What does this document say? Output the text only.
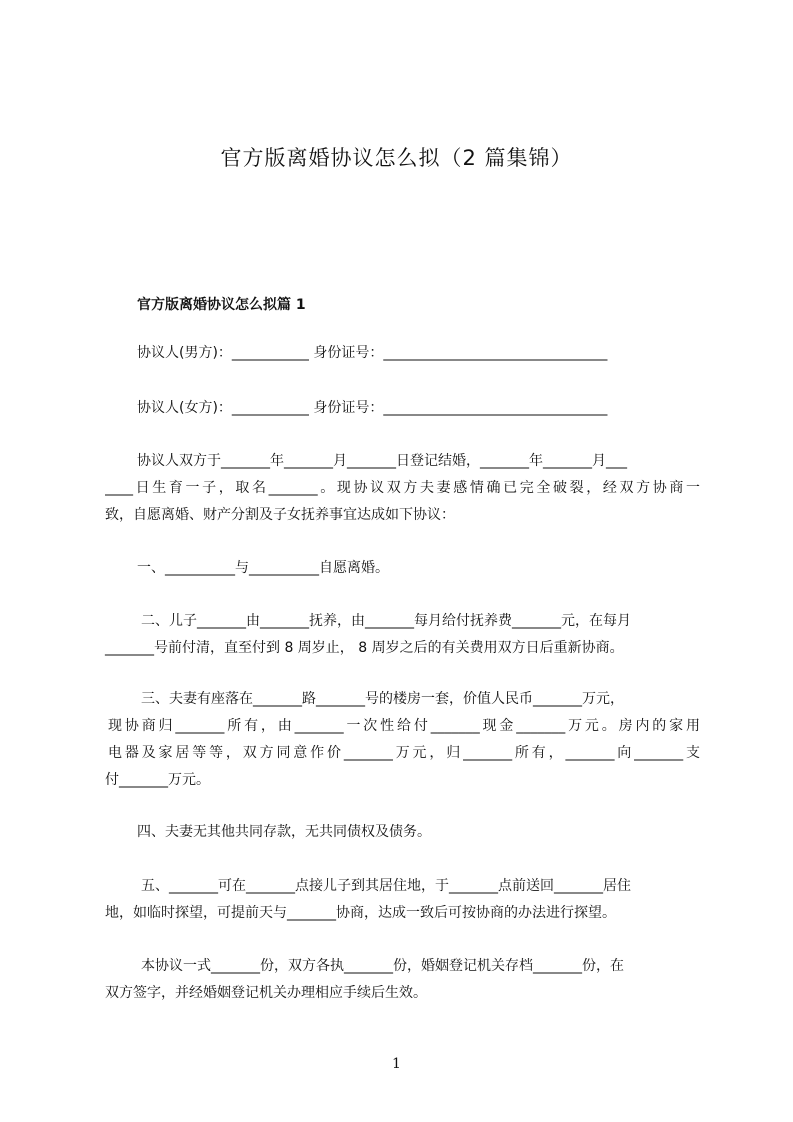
官方版离婚协议怎么拟（2 篇集锦）
官方版离婚协议怎么拟篇 1
协议人(男方)：___________ 身份证号：________________________________
协议人(女方)：___________ 身份证号：________________________________
协议人双方于_______年_______月_______日登记结婚，_______年_______月___
____日生育一子，取名_______。现协议双方夫妻感情确已完全破裂，经双方协商一
致，自愿离婚、财产分割及子女抚养事宜达成如下协议：
一、__________与__________自愿离婚。
二、儿子_______由_______抚养，由_______每月给付抚养费_______元，在每月
_______号前付清，直至付到 8 周岁止， 8 周岁之后的有关费用双方日后重新协商。
三、夫妻有座落在_______路_______号的楼房一套，价值人民币_______万元，
现协商归_______所有，由_______一次性给付_______现金_______万元。房内的家用
电器及家居等等，双方同意作价_______万元，归_______所有，_______向_______支
付_______万元。
四、夫妻无其他共同存款，无共同债权及债务。
五、_______可在_______点接儿子到其居住地，于_______点前送回_______居住
地，如临时探望，可提前天与_______协商，达成一致后可按协商的办法进行探望。
本协议一式_______份，双方各执_______份，婚姻登记机关存档_______份，在
双方签字，并经婚姻登记机关办理相应手续后生效。
1
